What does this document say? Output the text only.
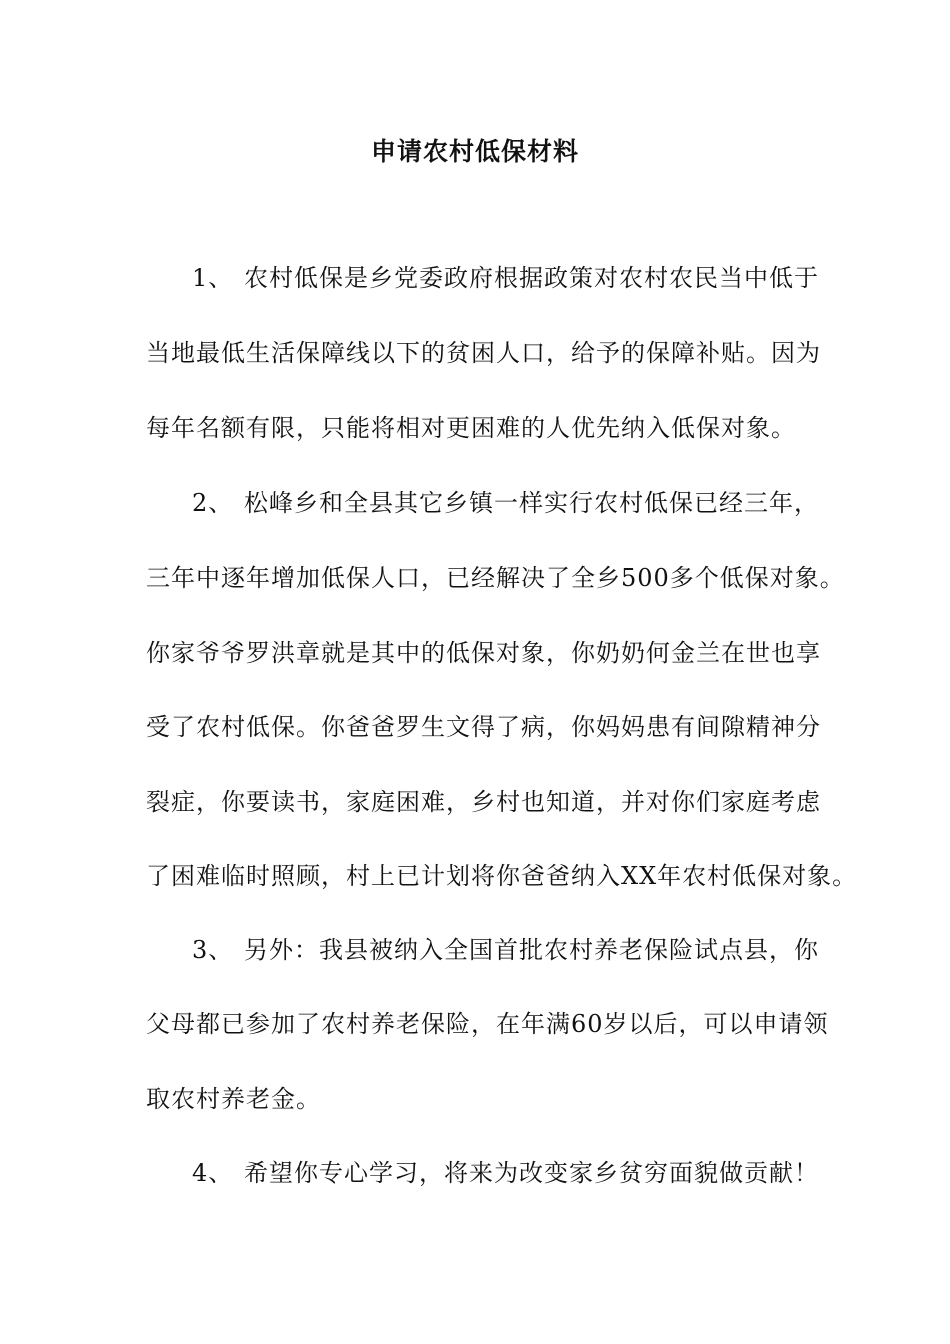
申请农村低保材料
1、 农村低保是乡党委政府根据政策对农村农民当中低于
当地最低生活保障线以下的贫困人口，给予的保障补贴。因为
每年名额有限，只能将相对更困难的人优先纳入低保对象。
2、 松峰乡和全县其它乡镇一样实行农村低保已经三年，
三年中逐年增加低保人口，已经解决了全乡500多个低保对象。
你家爷爷罗洪章就是其中的低保对象，你奶奶何金兰在世也享
受了农村低保。你爸爸罗生文得了病，你妈妈患有间隙精神分
裂症，你要读书，家庭困难，乡村也知道，并对你们家庭考虑
了困难临时照顾，村上已计划将你爸爸纳入XX年农村低保对象。
3、 另外：我县被纳入全国首批农村养老保险试点县，你
父母都已参加了农村养老保险，在年满60岁以后，可以申请领
取农村养老金。
4、 希望你专心学习，将来为改变家乡贫穷面貌做贡献！
